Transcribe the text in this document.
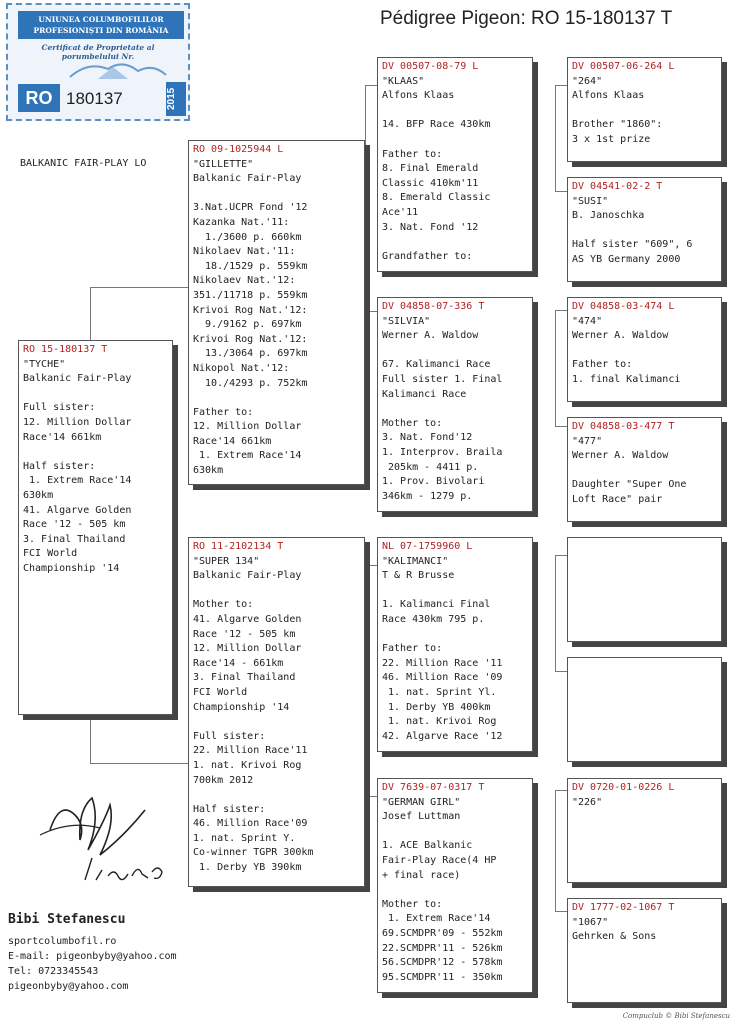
Pédigree Pigeon: RO 15-180137 T
UNIUNEA COLUMBOFILILOR
PROFESIONIȘTI DIN ROMÂNIA
Certificat de Proprietate al porumbelului Nr.
RO 180137	2015
BALKANIC FAIR-PLAY LO
RO 15-180137 T
"TYCHE"
Balkanic Fair-Play
Full sister:
12. Million Dollar
Race'14 661km
Half sister:
1. Extrem Race'14
630km
41. Algarve Golden
Race '12 - 505 km
3. Final Thailand
FCI World
Championship '14
RO 09-1025944 L
"GILLETTE"
Balkanic Fair-Play
3.Nat.UCPR Fond '12
Kazanka Nat.'11:
1./3600 p. 660km
Nikolaev Nat.'11:
18./1529 p. 559km
Nikolaev Nat.'12:
351./11718 p. 559km
Krivoi Rog Nat.'12:
9./9162 p. 697km
Krivoi Rog Nat.'12:
13./3064 p. 697km
Nikopol Nat.'12:
10./4293 p. 752km
Father to:
12. Million Dollar
Race'14 661km
1. Extrem Race'14
630km
RO 11-2102134 T
"SUPER 134"
Balkanic Fair-Play
Mother to:
41. Algarve Golden
Race '12 - 505 km
12. Million Dollar
Race'14 - 661km
3. Final Thailand
FCI World
Championship '14
Full sister:
22. Million Race'11
1. nat. Krivoi Rog
700km 2012
Half sister:
46. Million Race'09
1. nat. Sprint Y.
Co-winner TGPR 300km
1. Derby YB 390km
DV 00507-08-79 L
"KLAAS"
Alfons Klaas
14. BFP Race 430km
Father to:
8. Final Emerald
Classic 410km'11
8. Emerald Classic
Ace'11
3. Nat. Fond '12
Grandfather to:
DV 04858-07-336 T
"SILVIA"
Werner A. Waldow
67. Kalimanci Race
Full sister 1. Final
Kalimanci Race
Mother to:
3. Nat. Fond'12
1. Interprov. Braila
205km - 4411 p.
1. Prov. Bivolari
346km - 1279 p.
NL 07-1759960 L
"KALIMANCI"
T & R Brusse
1. Kalimanci Final
Race 430km 795 p.
Father to:
22. Million Race '11
46. Million Race '09
1. nat. Sprint Yl.
1. Derby YB 400km
1. nat. Krivoi Rog
42. Algarve Race '12
DV 7639-07-0317 T
"GERMAN GIRL"
Josef Luttman
1. ACE Balkanic
Fair-Play Race(4 HP
+ final race)
Mother to:
1. Extrem Race'14
69.SCMDPR'09 - 552km
22.SCMDPR'11 - 526km
56.SCMDPR'12 - 578km
95.SCMDPR'11 - 350km
DV 00507-06-264 L
"264"
Alfons Klaas
Brother "1860":
3 x 1st prize
DV 04541-02-2 T
"SUSI"
B. Janoschka
Half sister "609", 6
AS YB Germany 2000
DV 04858-03-474 L
"474"
Werner A. Waldow
Father to:
1. final Kalimanci
DV 04858-03-477 T
"477"
Werner A. Waldow
Daughter "Super One
Loft Race" pair
DV 0720-01-0226 L
"226"
DV 1777-02-1067 T
"1067"
Gehrken & Sons
Bibi Stefanescu
sportcolumbofil.ro
E-mail: pigeonbyby@yahoo.com
Tel: 0723345543
pigeonbyby@yahoo.com
Compuclub © Bibi Stefanescu
